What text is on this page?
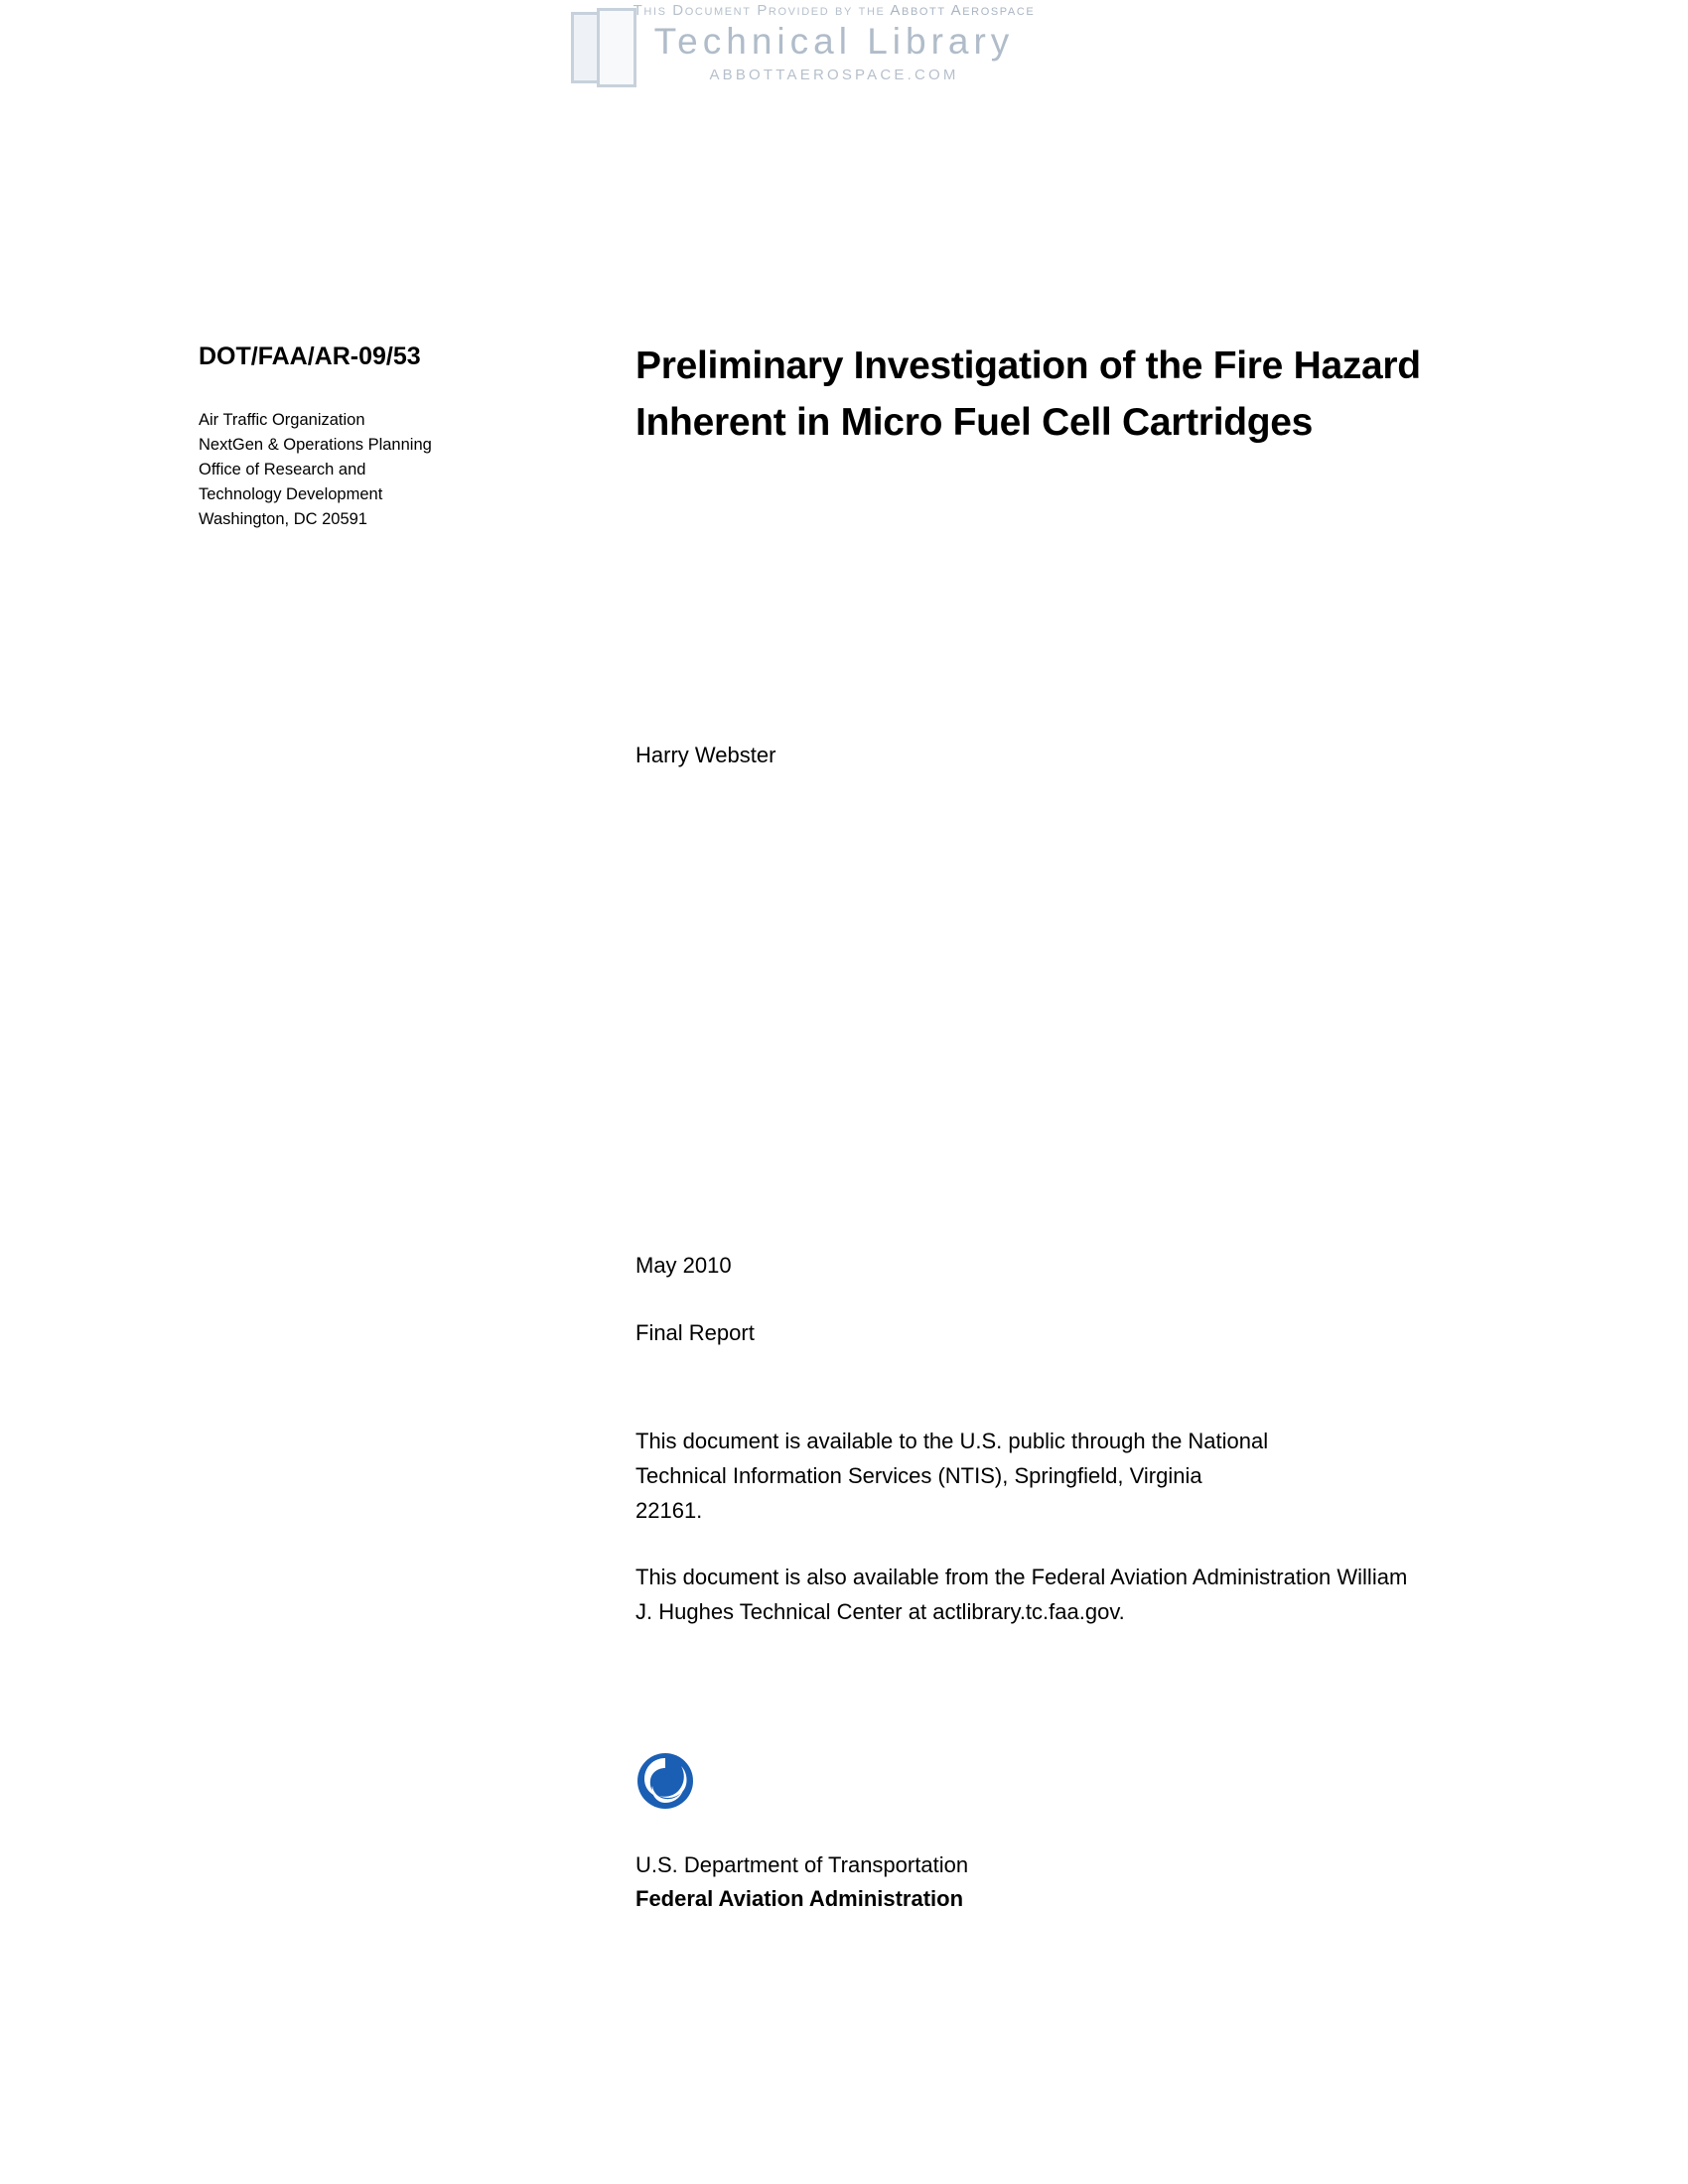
This Document Provided by the Abbott Aerospace
Technical Library
ABBOTTAEROSPACE.COM
DOT/FAA/AR-09/53
Air Traffic Organization
NextGen & Operations Planning
Office of Research and
Technology Development
Washington, DC 20591
Preliminary Investigation of the Fire Hazard Inherent in Micro Fuel Cell Cartridges
Harry Webster
May 2010
Final Report
This document is available to the U.S. public through the National Technical Information Services (NTIS), Springfield, Virginia 22161.
This document is also available from the Federal Aviation Administration William J. Hughes Technical Center at actlibrary.tc.faa.gov.
U.S. Department of Transportation
Federal Aviation Administration
